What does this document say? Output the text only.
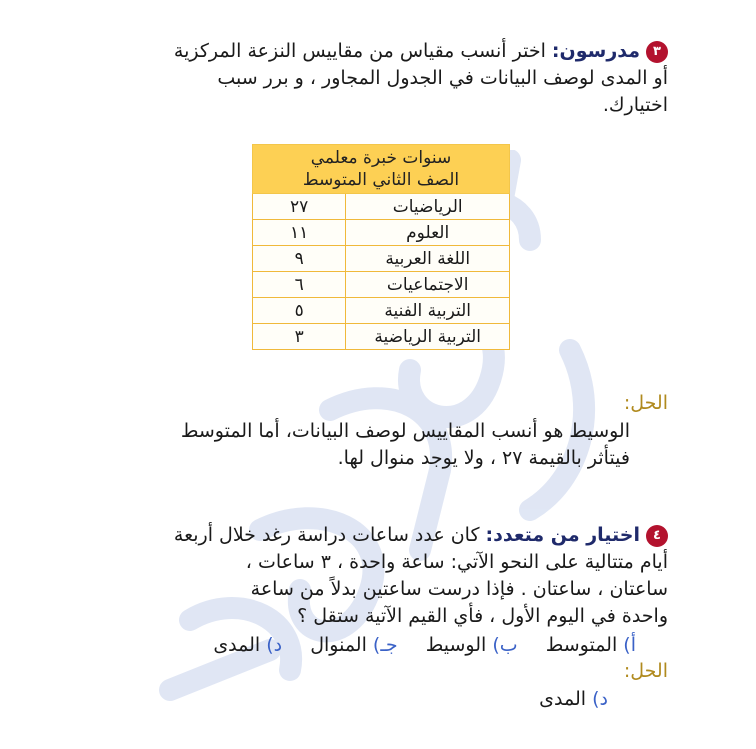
٣مدرسون: اختر أنسب مقياس من مقاييس النزعة المركزية
أو المدى لوصف البيانات في الجدول المجاور ، و برر سبب
اختيارك.
سنوات خبرة معلمي
الصف الثاني المتوسط	

الرياضيات	٢٧
العلوم	١١
اللغة العربية	٩
الاجتماعيات	٦
التربية الفنية	٥
التربية الرياضية	٣
الحل:
الوسيط هو أنسب المقاييس لوصف البيانات، أما المتوسط
فيتأثر بالقيمة ٢٧ ، ولا يوجد منوال لها.
٤اختيار من متعدد: كان عدد ساعات دراسة رغد خلال أربعة
أيام متتالية على النحو الآتي: ساعة واحدة ، ٣ ساعات ،
ساعتان ، ساعتان . فإذا درست ساعتين بدلاً من ساعة
واحدة في اليوم الأول ، فأي القيم الآتية ستقل ؟
أ) المتوسط ب) الوسيط جـ) المنوال د) المدى
الحل:
د) المدى
